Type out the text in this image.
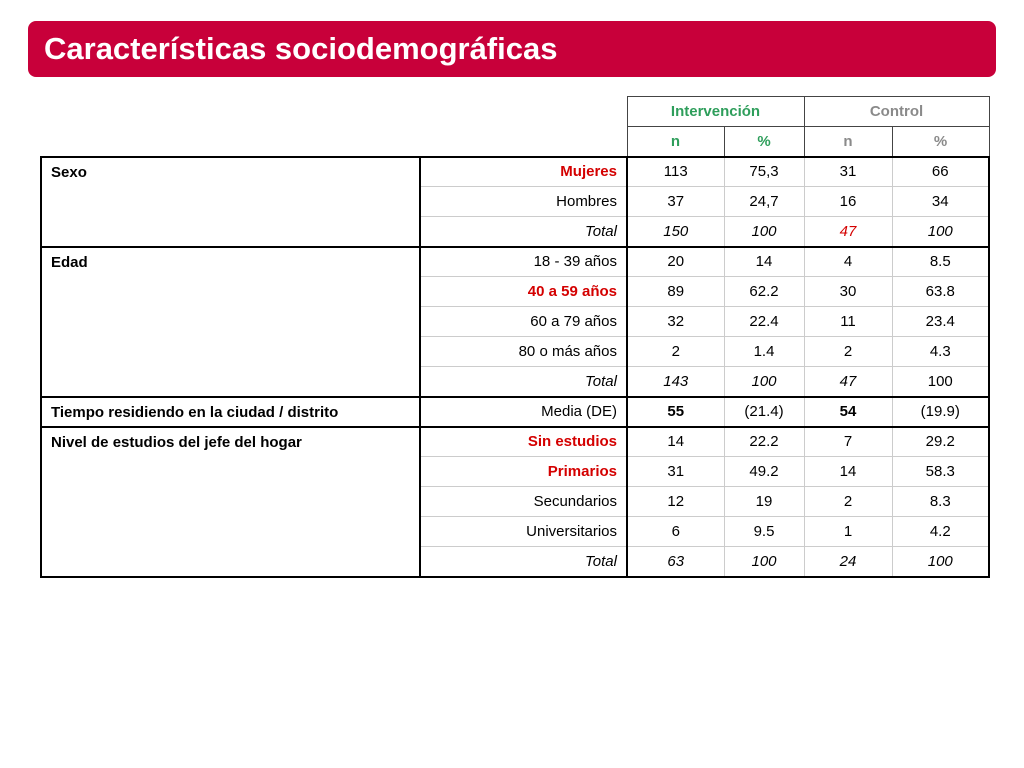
Características sociodemográficas
		Intervención		Control	
		n	%	n	%
Sexo	Mujeres	113	75,3	31	66
	Hombres	37	24,7	16	34
	Total	150	100	47	100
Edad	18 - 39 años	20	14	4	8.5
	40 a 59 años	89	62.2	30	63.8
	60 a 79 años	32	22.4	11	23.4
	80 o más años	2	1.4	2	4.3
	Total	143	100	47	100
Tiempo residiendo en la ciudad / distrito	Media (DE)	55	(21.4)	54	(19.9)
Nivel de estudios del jefe del hogar	Sin estudios	14	22.2	7	29.2
	Primarios	31	49.2	14	58.3
	Secundarios	12	19	2	8.3
	Universitarios	6	9.5	1	4.2
	Total	63	100	24	100
